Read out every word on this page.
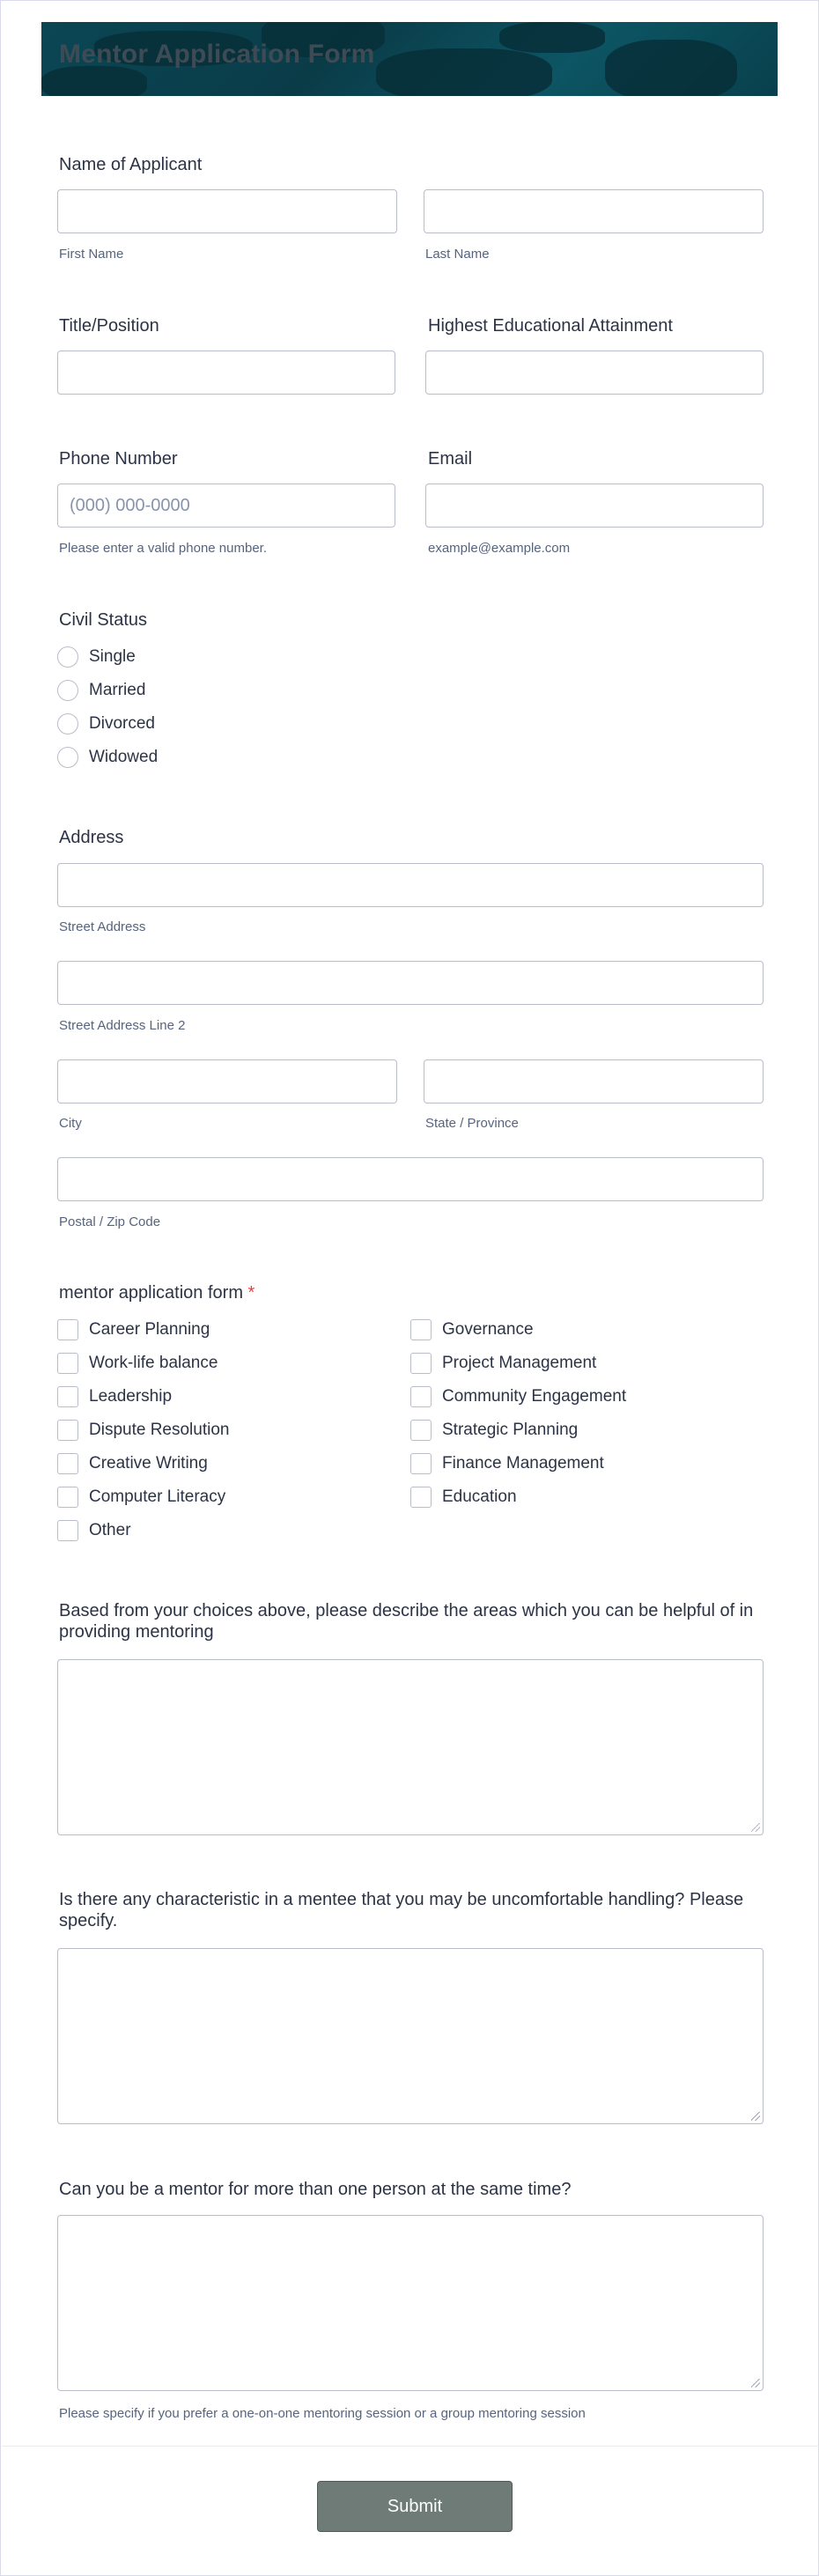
Mentor Application Form
Name of Applicant
First Name	Last Name
Title/Position	Highest Educational Attainment
Phone Number	Email
(000) 000-0000
Please enter a valid phone number.	example@example.com
Civil Status
Single
Married
Divorced
Widowed
Address
Street Address
Street Address Line 2
City	State / Province
Postal / Zip Code
mentor application form *
Career Planning
Work-life balance
Leadership
Dispute Resolution
Creative Writing
Computer Literacy
Other
Governance
Project Management
Community Engagement
Strategic Planning
Finance Management
Education
Based from your choices above, please describe the areas which you can be helpful of in providing mentoring
Is there any characteristic in a mentee that you may be uncomfortable handling? Please specify.
Can you be a mentor for more than one person at the same time?
Please specify if you prefer a one-on-one mentoring session or a group mentoring session
Submit
